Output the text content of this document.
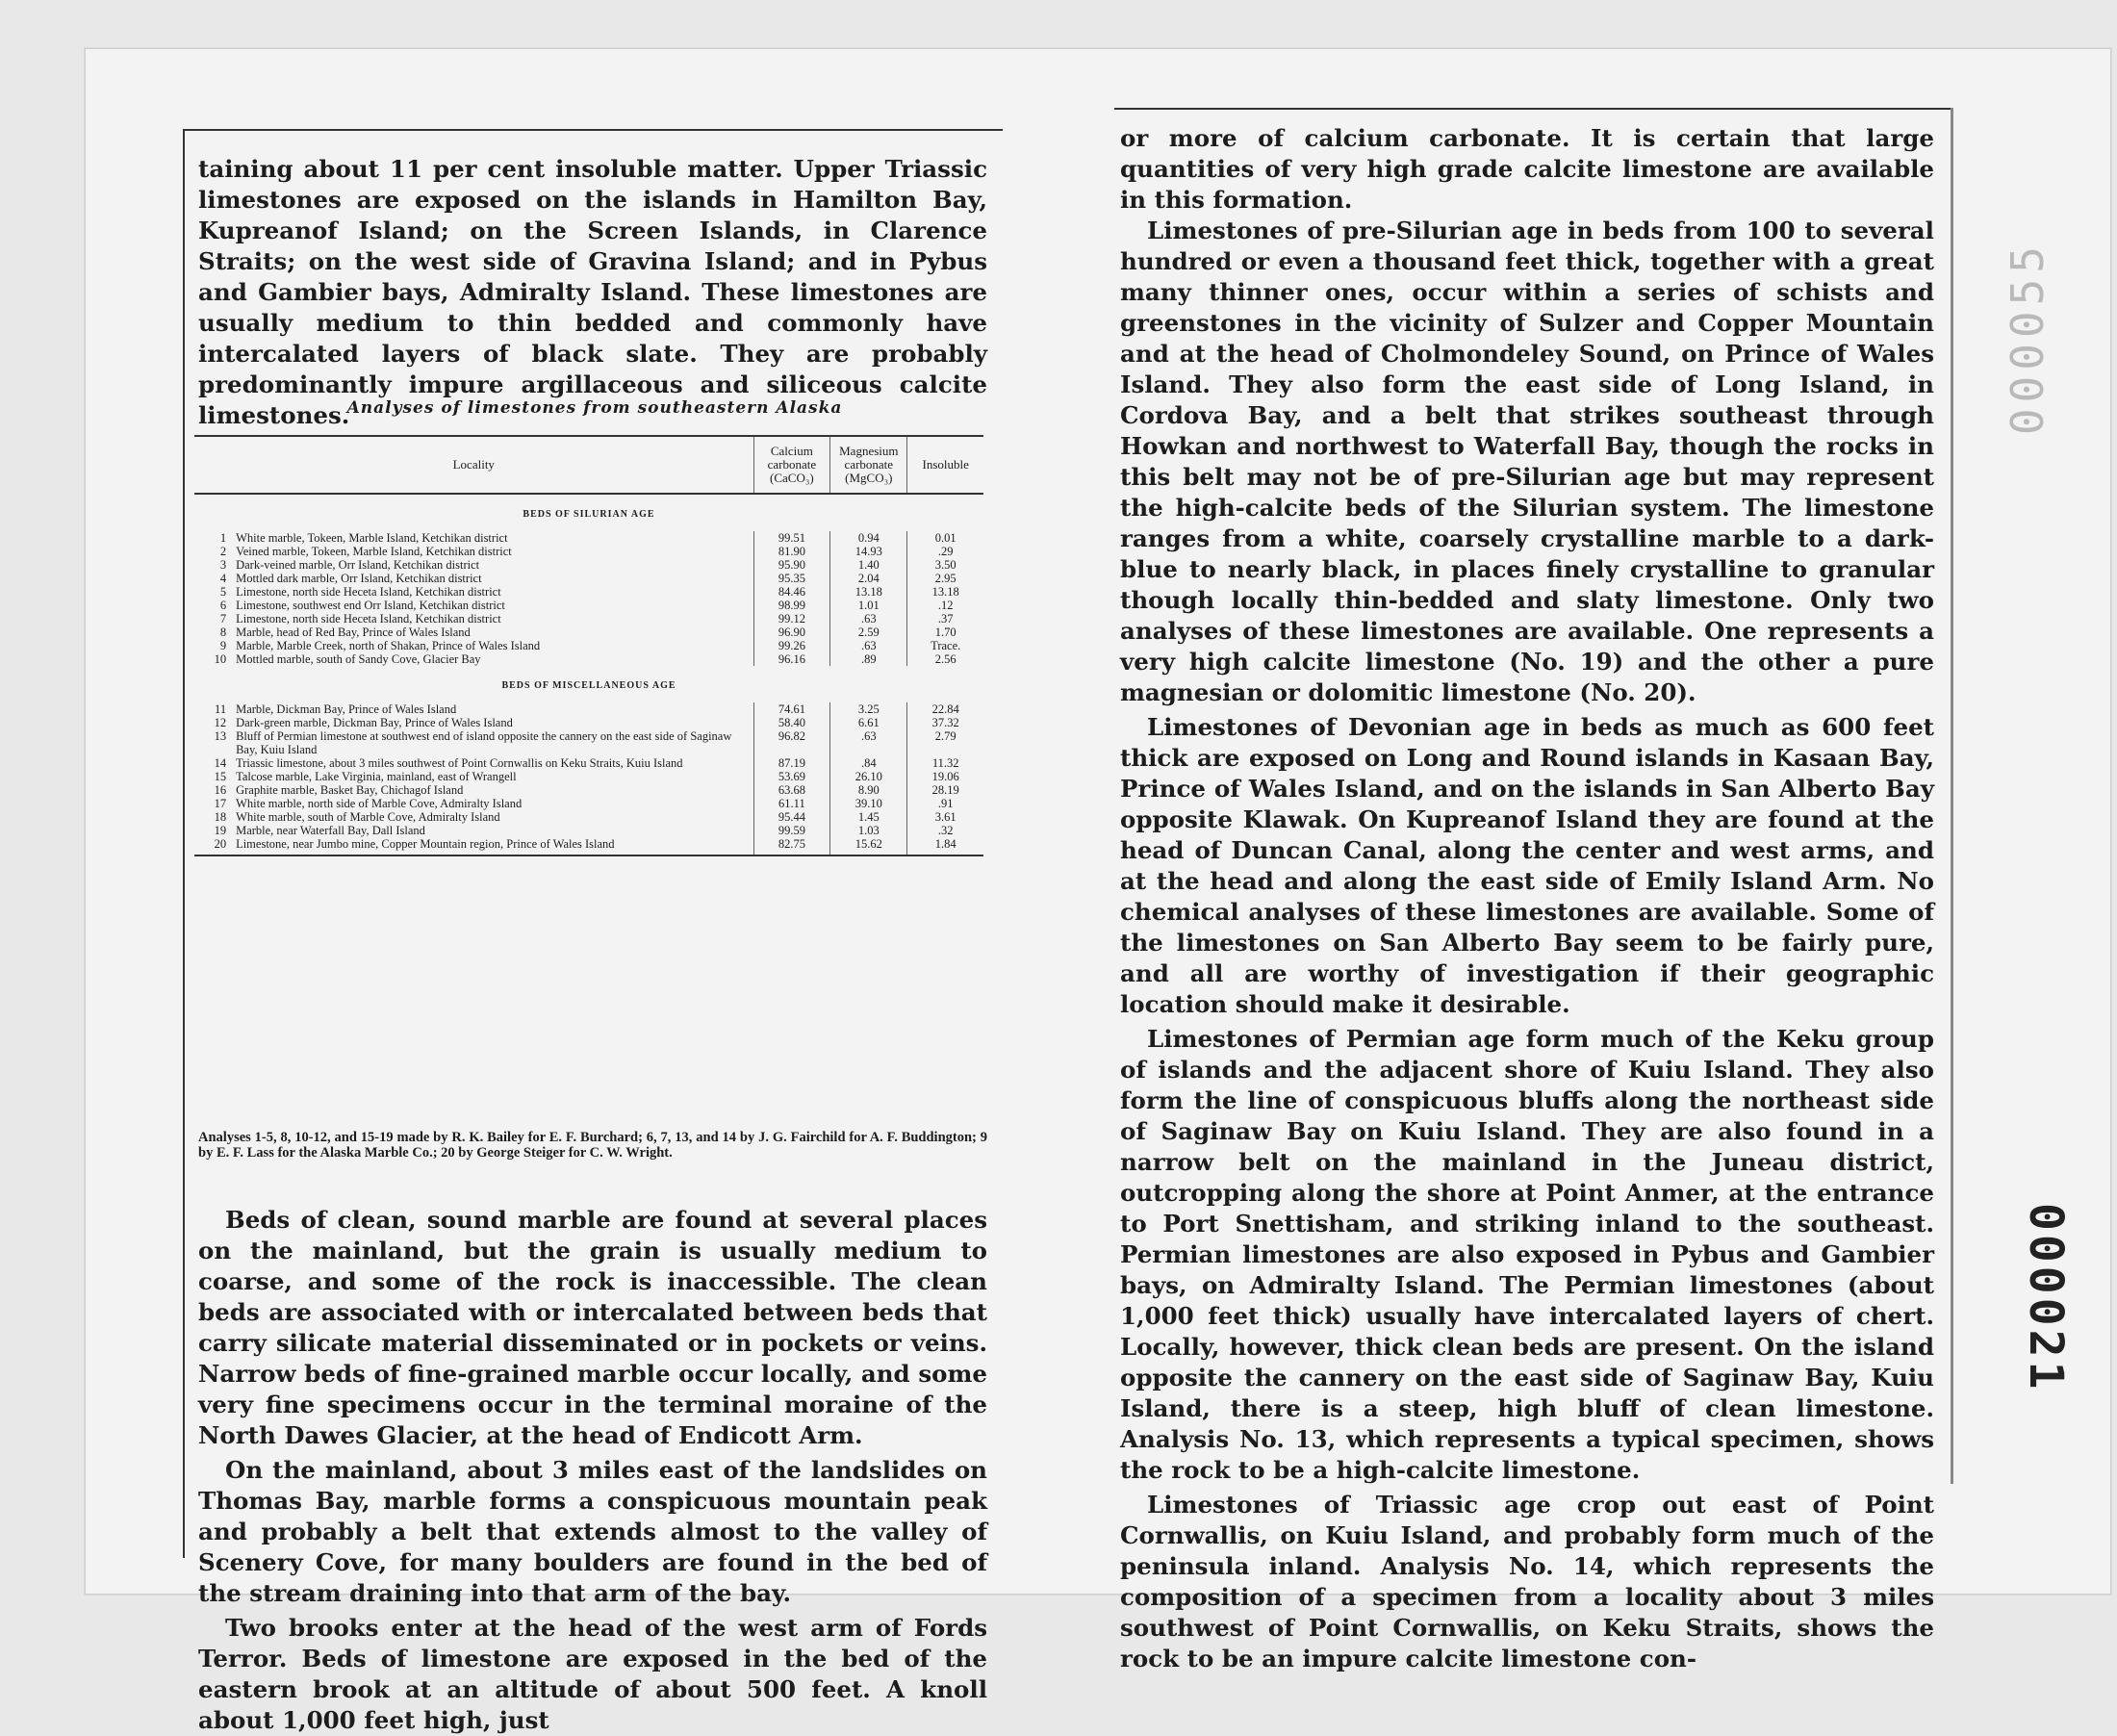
000055
000021

taining about 11 per cent insoluble matter. Upper Triassic limestones are exposed on the islands in Hamilton Bay, Kupreanof Island; on the Screen Islands, in Clarence Straits; on the west side of Gravina Island; and in Pybus and Gambier bays, Admiralty Island. These limestones are usually medium to thin bedded and commonly have intercalated layers of black slate. They are probably predominantly impure argillaceous and siliceous calcite limestones.

Analyses of limestones from southeastern Alaska
Locality		Calcium carbonate (CaCO₃)	Magnesium carbonate (MgCO₃)	Insoluble
BEDS OF SILURIAN AGE				
1	White marble, Tokeen, Marble Island, Ketchikan district	99.51	0.94	0.01
2	Veined marble, Tokeen, Marble Island, Ketchikan district	81.90	14.93	.29
3	Dark-veined marble, Orr Island, Ketchikan district	95.90	1.40	3.50
4	Mottled dark marble, Orr Island, Ketchikan district	95.35	2.04	2.95
5	Limestone, north side Heceta Island, Ketchikan district	84.46	13.18	13.18
6	Limestone, southwest end Orr Island, Ketchikan district	98.99	1.01	.12
7	Limestone, north side Heceta Island, Ketchikan district	99.12	.63	.37
8	Marble, head of Red Bay, Prince of Wales Island	96.90	2.59	1.70
9	Marble, Marble Creek, north of Shakan, Prince of Wales Island	99.26	.63	Trace.
10	Mottled marble, south of Sandy Cove, Glacier Bay	96.16	.89	2.56
BEDS OF MISCELLANEOUS AGE				
11	Marble, Dickman Bay, Prince of Wales Island	74.61	3.25	22.84
12	Dark-green marble, Dickman Bay, Prince of Wales Island	58.40	6.61	37.32
13	Bluff of Permian limestone at southwest end of island opposite the cannery on the east side of Saginaw Bay, Kuiu Island	96.82	.63	2.79
14	Triassic limestone, about 3 miles southwest of Point Cornwallis on Keku Straits, Kuiu Island	87.19	.84	11.32
15	Talcose marble, Lake Virginia, mainland, east of Wrangell	53.69	26.10	19.06
16	Graphite marble, Basket Bay, Chichagof Island	63.68	8.90	28.19
17	White marble, north side of Marble Cove, Admiralty Island	61.11	39.10	.91
18	White marble, south of Marble Cove, Admiralty Island	95.44	1.45	3.61
19	Marble, near Waterfall Bay, Dall Island	99.59	1.03	.32
20	Limestone, near Jumbo mine, Copper Mountain region, Prince of Wales Island	82.75	15.62	1.84
Analyses 1-5, 8, 10-12, and 15-19 made by R. K. Bailey for E. F. Burchard; 6, 7, 13, and 14 by J. G. Fairchild for A. F. Buddington; 9 by E. F. Lass for the Alaska Marble Co.; 20 by George Steiger for C. W. Wright.

Beds of clean, sound marble are found at several places on the mainland, but the grain is usually medium to coarse, and some of the rock is inaccessible. The clean beds are associated with or intercalated between beds that carry silicate material disseminated or in pockets or veins. Narrow beds of fine-grained marble occur locally, and some very fine specimens occur in the terminal moraine of the North Dawes Glacier, at the head of Endicott Arm.

On the mainland, about 3 miles east of the landslides on Thomas Bay, marble forms a conspicuous mountain peak and probably a belt that extends almost to the valley of Scenery Cove, for many boulders are found in the bed of the stream draining into that arm of the bay.

Two brooks enter at the head of the west arm of Fords Terror. Beds of limestone are exposed in the bed of the eastern brook at an altitude of about 500 feet. A knoll about 1,000 feet high, just

or more of calcium carbonate. It is certain that large quantities of very high grade calcite limestone are available in this formation.

Limestones of pre-Silurian age in beds from 100 to several hundred or even a thousand feet thick, together with a great many thinner ones, occur within a series of schists and greenstones in the vicinity of Sulzer and Copper Mountain and at the head of Cholmondeley Sound, on Prince of Wales Island. They also form the east side of Long Island, in Cordova Bay, and a belt that strikes southeast through Howkan and northwest to Waterfall Bay, though the rocks in this belt may not be of pre-Silurian age but may represent the high-calcite beds of the Silurian system. The limestone ranges from a white, coarsely crystalline marble to a dark-blue to nearly black, in places finely crystalline to granular though locally thin-bedded and slaty limestone. Only two analyses of these limestones are available. One represents a very high calcite limestone (No. 19) and the other a pure magnesian or dolomitic limestone (No. 20).

Limestones of Devonian age in beds as much as 600 feet thick are exposed on Long and Round islands in Kasaan Bay, Prince of Wales Island, and on the islands in San Alberto Bay opposite Klawak. On Kupreanof Island they are found at the head of Duncan Canal, along the center and west arms, and at the head and along the east side of Emily Island Arm. No chemical analyses of these limestones are available. Some of the limestones on San Alberto Bay seem to be fairly pure, and all are worthy of investigation if their geographic location should make it desirable.

Limestones of Permian age form much of the Keku group of islands and the adjacent shore of Kuiu Island. They also form the line of conspicuous bluffs along the northeast side of Saginaw Bay on Kuiu Island. They are also found in a narrow belt on the mainland in the Juneau district, outcropping along the shore at Point Anmer, at the entrance to Port Snettisham, and striking inland to the southeast. Permian limestones are also exposed in Pybus and Gambier bays, on Admiralty Island. The Permian limestones (about 1,000 feet thick) usually have intercalated layers of chert. Locally, however, thick clean beds are present. On the island opposite the cannery on the east side of Saginaw Bay, Kuiu Island, there is a steep, high bluff of clean limestone. Analysis No. 13, which represents a typical specimen, shows the rock to be a high-calcite limestone.

Limestones of Triassic age crop out east of Point Cornwallis, on Kuiu Island, and probably form much of the peninsula inland. Analysis No. 14, which represents the composition of a specimen from a locality about 3 miles southwest of Point Cornwallis, on Keku Straits, shows the rock to be an impure calcite limestone con-
